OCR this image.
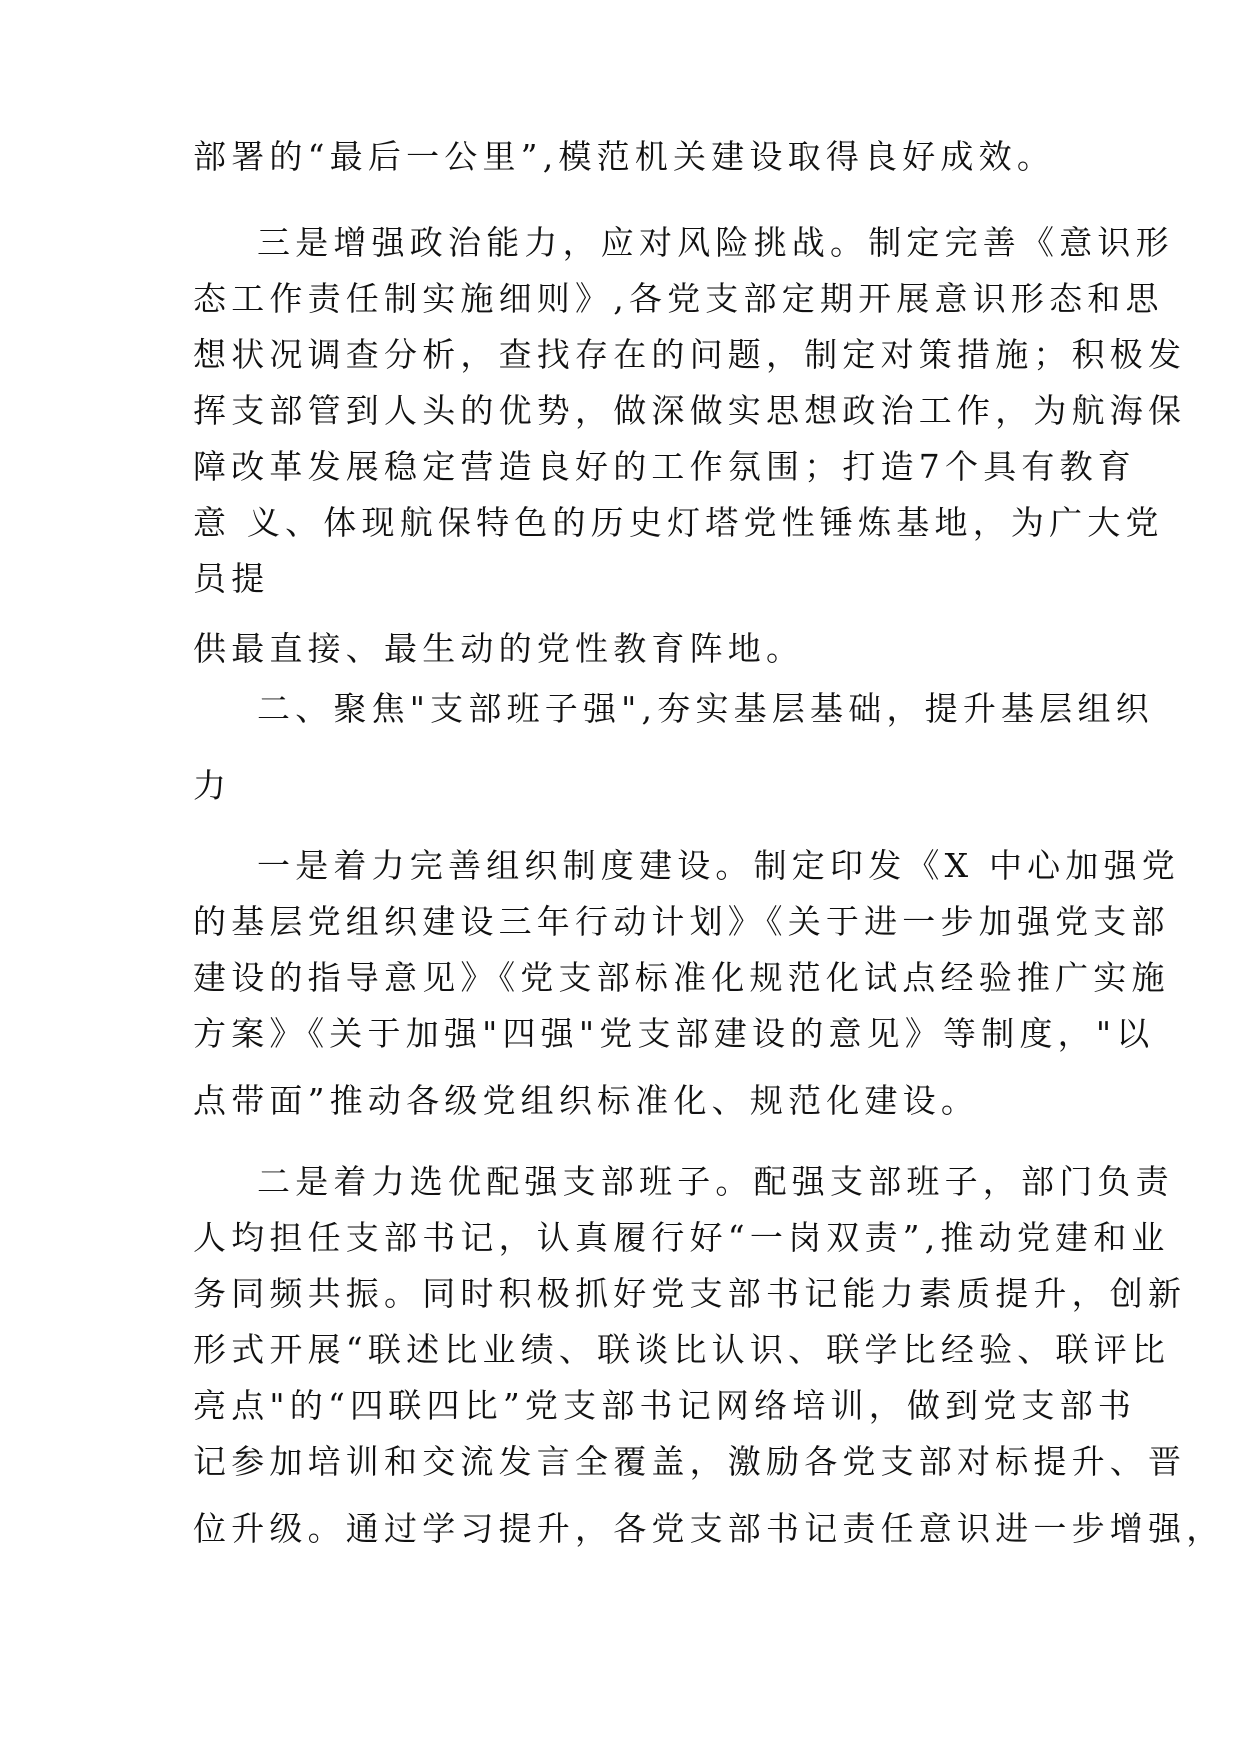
部署的“最后一公里”,模范机关建设取得良好成效。
三是增强政治能力，应对风险挑战。制定完善《意识形
态工作责任制实施细则》,各党支部定期开展意识形态和思
想状况调查分析，查找存在的问题，制定对策措施；积极发
挥支部管到人头的优势，做深做实思想政治工作，为航海保
障改革发展稳定营造良好的工作氛围；打造7个具有教育
意 义、体现航保特色的历史灯塔党性锤炼基地，为广大党
员提
供最直接、最生动的党性教育阵地。
二、聚焦"支部班子强",夯实基层基础，提升基层组织
力
一是着力完善组织制度建设。制定印发《X 中心加强党
的基层党组织建设三年行动计划》《关于进一步加强党支部
建设的指导意见》《党支部标准化规范化试点经验推广实施
方案》《关于加强"四强"党支部建设的意见》等制度，"以
点带面”推动各级党组织标准化、规范化建设。
二是着力选优配强支部班子。配强支部班子，部门负责
人均担任支部书记，认真履行好“一岗双责”,推动党建和业
务同频共振。同时积极抓好党支部书记能力素质提升，创新
形式开展“联述比业绩、联谈比认识、联学比经验、联评比
亮点"的“四联四比”党支部书记网络培训，做到党支部书
记参加培训和交流发言全覆盖，激励各党支部对标提升、晋
位升级。通过学习提升，各党支部书记责任意识进一步增强，
